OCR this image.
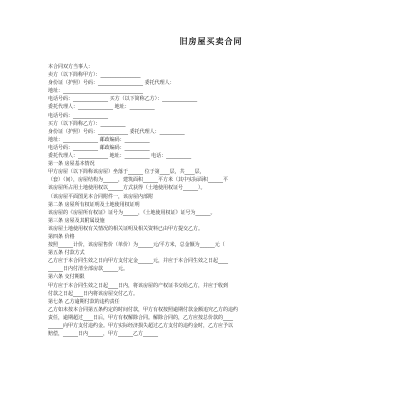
旧房屋买卖合同
本合同双方当事人：
卖方（以下简称甲方）：________________
身份证（护照）号码：__________________ 委托代理人：
地址：________________________________
电话号码：______________ 买方（以下简称乙方）：______________
委托代理人：______________ 地址：__________
电话号码：______________
买方（以下简称乙方）：__________
身份证（护照）号码：____________ 委托代理人：__________
地址：______________ 邮政编码：__________
电话号码：__________ 邮政编码：__________
委托代理人：____________ 地址：__________ 电话：__________
第一条 房屋基本情况
甲方房屋（以下简称该房屋）坐落于______ 位于第____层，共____层，
（套）（间），房屋结构为______，建筑面积______平方米（其中实际面积______平
该房屋所占用土地使用权以______方式获得（土地使用权证号______）。
（该房屋平面图见本合同附件一，该房屋内部附
第二条 房屋所有权证明及土地使用权证明
该房屋的《房屋所有权证》证号为______，《土地使用权证》证号为______。
第三条 房屋及其附属设施
该房屋土地使用权有关情况的相关证明及相关资料已由甲方提交乙方。
第四条 价格
按照______计价，该房屋售价（单价）为______元/平方米，总金额为______元（
第五条 付款方式
乙方应于本合同生效之日向甲方支付定金______元，并应于本合同生效之日起____
______日内付清全部房款______元。
第六条 交付期限
甲方应于本合同生效之日起____日内，将该房屋的产权证书交给乙方，并应于收到
付款之日起____日内将该房屋交付乙方。
第七条 乙方逾期付款的违约责任
乙方如未按本合同第五条约定的时间付款，甲方有权按照逾期付款金额追究乙方的违约
责任，逾期超过____日后，甲方有权解除合同。解除合同的，乙方应按总价款的____
______向甲方支付违约金。甲方实际经济损失超过乙方支付的违约金时，乙方应予以
赔偿，______日内______，甲方______乙方______
